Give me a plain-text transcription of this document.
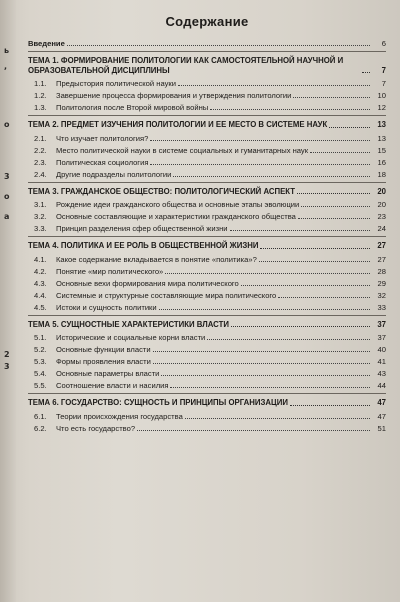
ь
,
о
3
о
а
2
3
Содержание
Введение	6
ТЕМА 1. ФОРМИРОВАНИЕ ПОЛИТОЛОГИИ КАК САМОСТОЯТЕЛЬНОЙ НАУЧНОЙ И ОБРАЗОВАТЕЛЬНОЙ ДИСЦИПЛИНЫ	7
1.1.	Предыстория политической науки	7
1.2.	Завершение процесса формирования и утверждения политологии	10
1.3.	Политология после Второй мировой войны	12
ТЕМА 2. ПРЕДМЕТ ИЗУЧЕНИЯ ПОЛИТОЛОГИИ И ЕЕ МЕСТО В СИСТЕМЕ НАУК	13
2.1.	Что изучает политология?	13
2.2.	Место политической науки в системе социальных и гуманитарных наук	15
2.3.	Политическая социология	16
2.4.	Другие подразделы политологии	18
ТЕМА 3. ГРАЖДАНСКОЕ ОБЩЕСТВО: ПОЛИТОЛОГИЧЕСКИЙ АСПЕКТ	20
3.1.	Рождение идеи гражданского общества и основные этапы эволюции	20
3.2.	Основные составляющие и характеристики гражданского общества	23
3.3.	Принцип разделения сфер общественной жизни	24
ТЕМА 4. ПОЛИТИКА И ЕЕ РОЛЬ В ОБЩЕСТВЕННОЙ ЖИЗНИ	27
4.1.	Какое содержание вкладывается в понятие «политика»?	27
4.2.	Понятие «мир политического»	28
4.3.	Основные вехи формирования мира политического	29
4.4.	Системные и структурные составляющие мира политического	32
4.5.	Истоки и сущность политики	33
ТЕМА 5. СУЩНОСТНЫЕ ХАРАКТЕРИСТИКИ ВЛАСТИ	37
5.1.	Исторические и социальные корни власти	37
5.2.	Основные функции власти	40
5.3.	Формы проявления власти	41
5.4.	Основные параметры власти	43
5.5.	Соотношение власти и насилия	44
ТЕМА 6. ГОСУДАРСТВО: СУЩНОСТЬ И ПРИНЦИПЫ ОРГАНИЗАЦИИ	47
6.1.	Теории происхождения государства	47
6.2.	Что есть государство?	51
